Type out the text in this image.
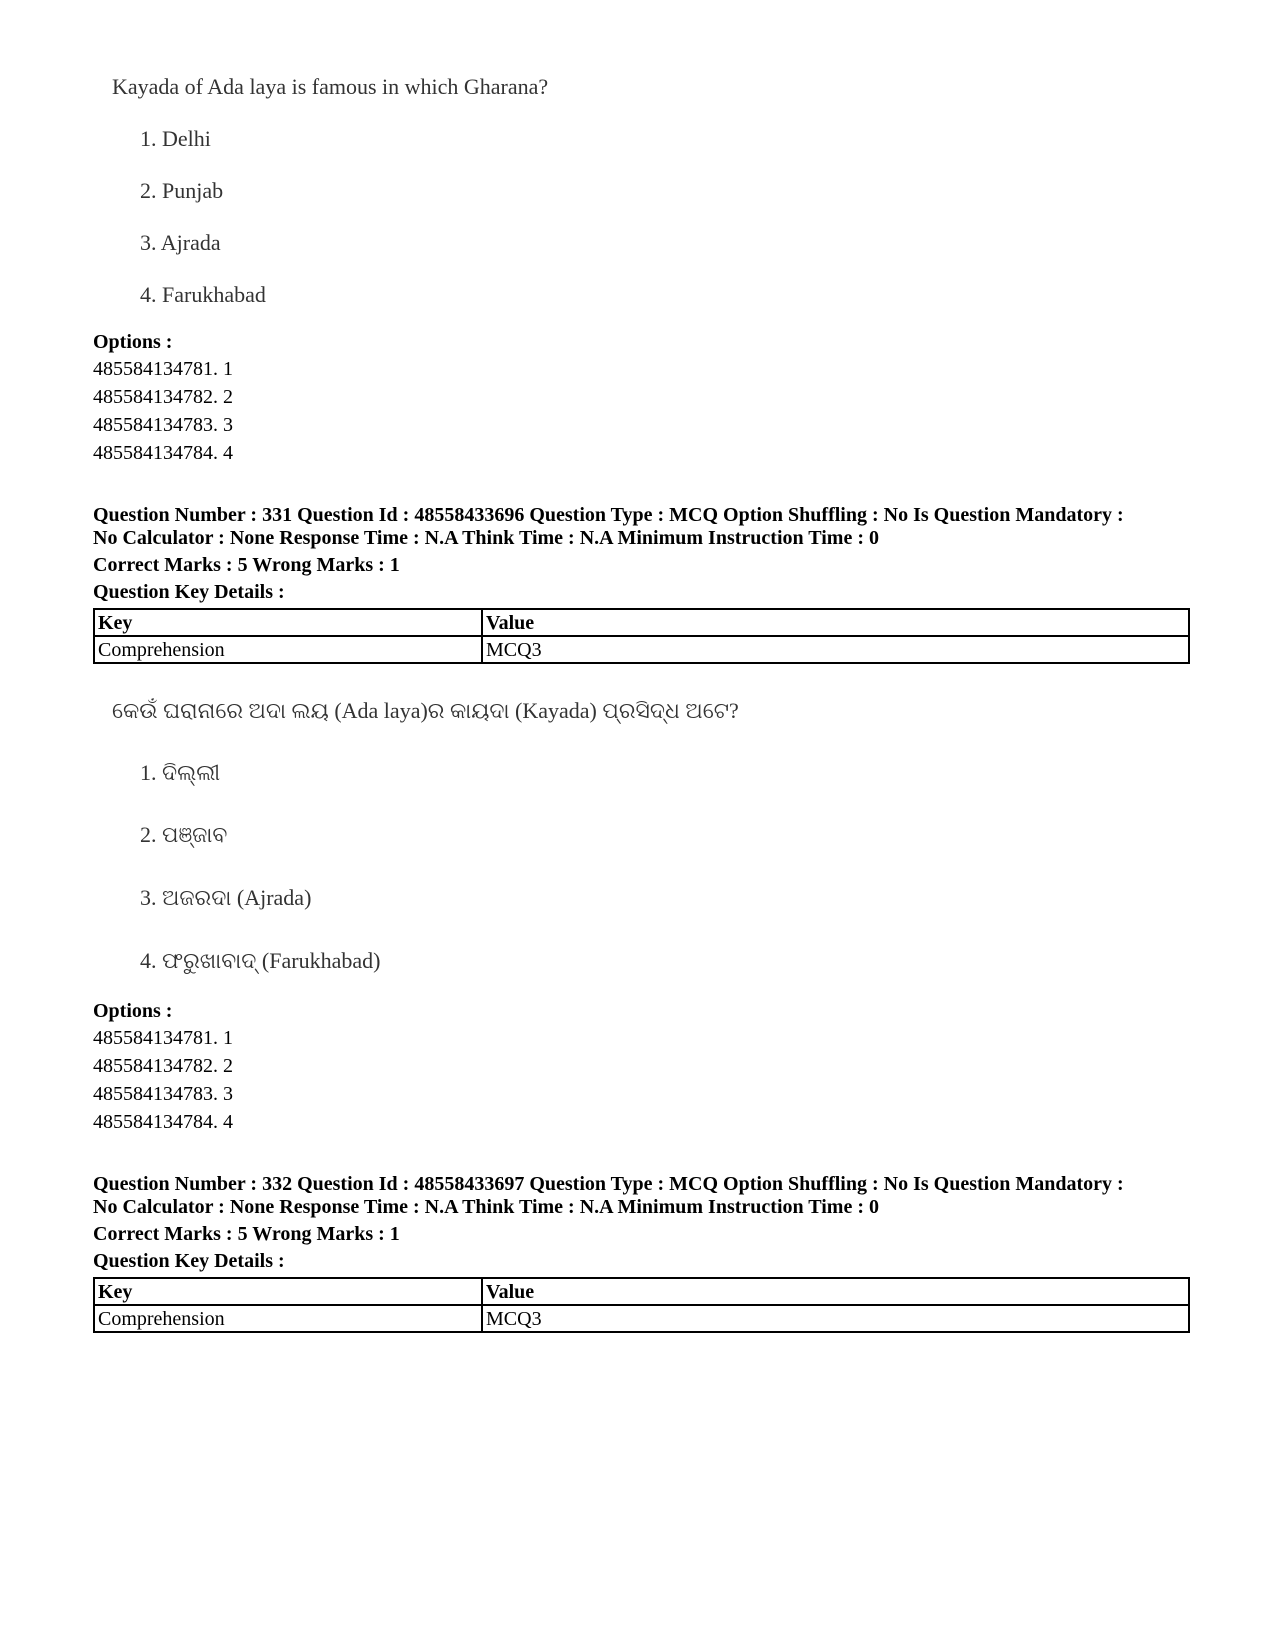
Kayada of Ada laya is famous in which Gharana?
1. Delhi
2. Punjab
3. Ajrada
4. Farukhabad
Options :
485584134781. 1
485584134782. 2
485584134783. 3
485584134784. 4
Question Number : 331 Question Id : 48558433696 Question Type : MCQ Option Shuffling : No Is Question Mandatory :
No Calculator : None Response Time : N.A Think Time : N.A Minimum Instruction Time : 0
Correct Marks : 5 Wrong Marks : 1
Question Key Details :
Key	Value
Comprehension	MCQ3
କେଉଁ ଘରାନାରେ ଅଦା ଲୟ (Ada laya)ର କାୟଦା (Kayada) ପ୍ରସିଦ୍ଧ ଅଟେ?
1. ଦିଲ୍ଲୀ
2. ପଞ୍ଜାବ
3. ଅଜରଦା (Ajrada)
4. ଫରୁଖାବାଦ୍ (Farukhabad)
Options :
485584134781. 1
485584134782. 2
485584134783. 3
485584134784. 4
Question Number : 332 Question Id : 48558433697 Question Type : MCQ Option Shuffling : No Is Question Mandatory :
No Calculator : None Response Time : N.A Think Time : N.A Minimum Instruction Time : 0
Correct Marks : 5 Wrong Marks : 1
Question Key Details :
Key	Value
Comprehension	MCQ3
